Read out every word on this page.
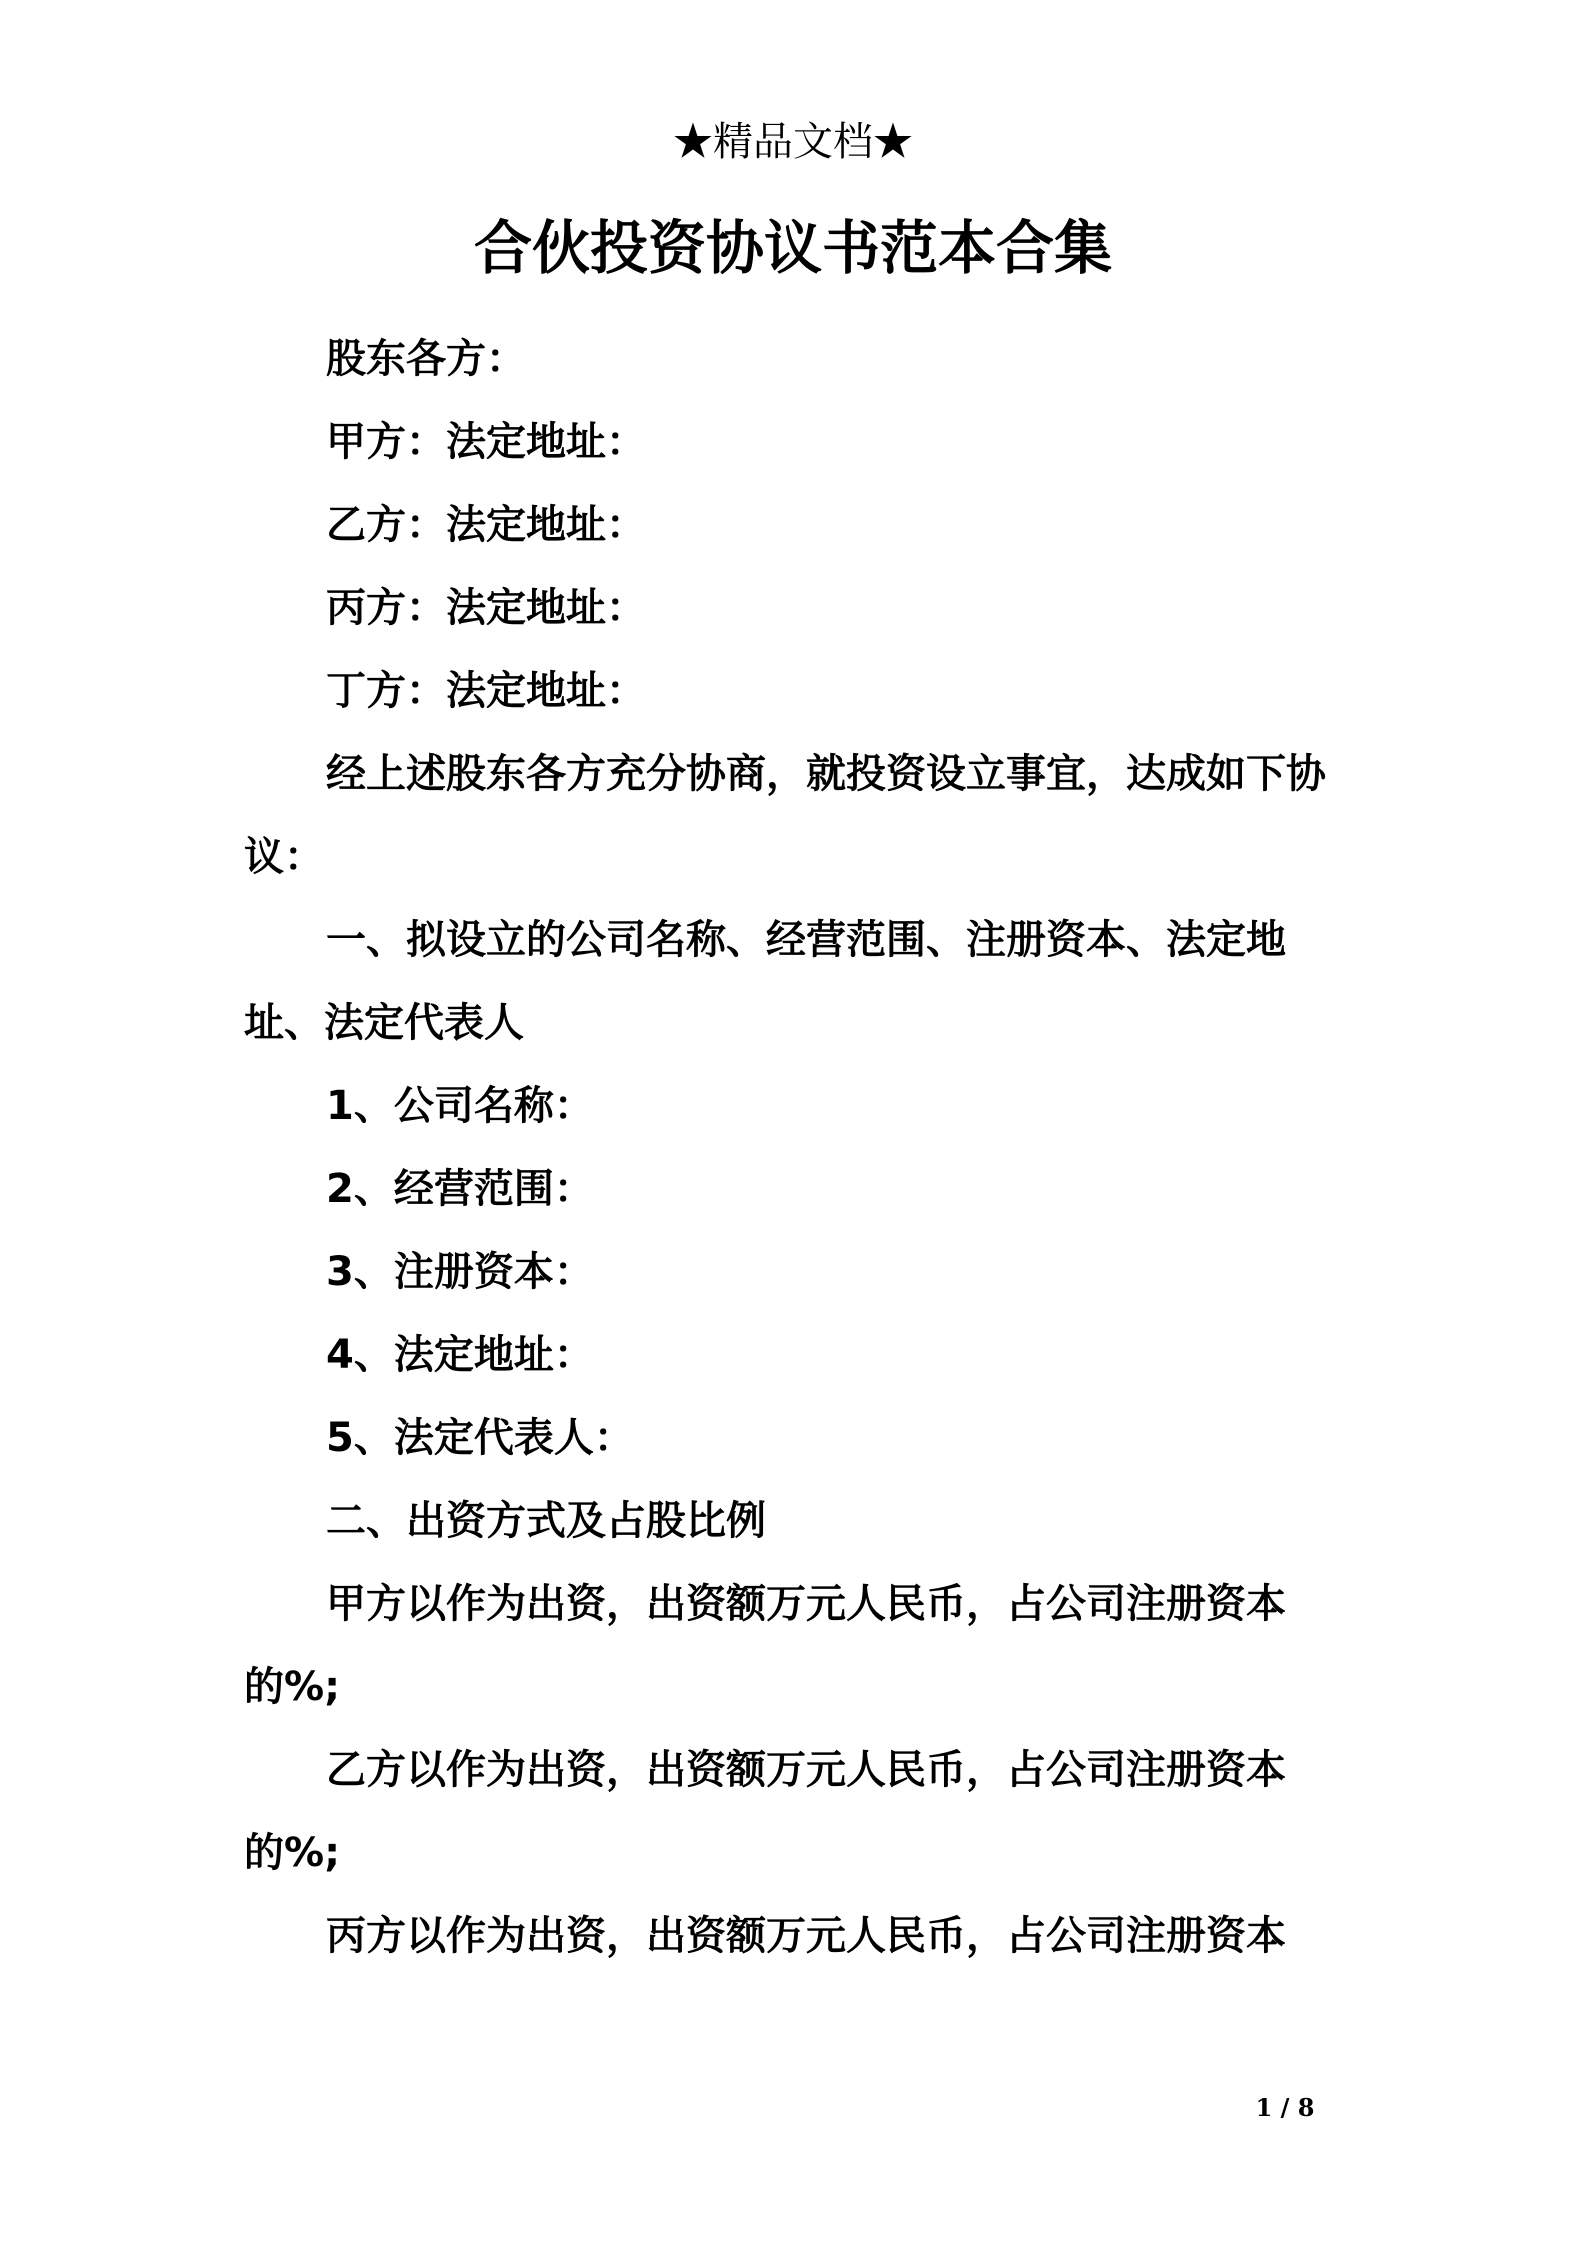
★精品文档★
合伙投资协议书范本合集

股东各方：

甲方：法定地址：

乙方：法定地址：

丙方：法定地址：

丁方：法定地址：

经上述股东各方充分协商，就投资设立事宜，达成如下协议：

一、拟设立的公司名称、经营范围、注册资本、法定地址、法定代表人

1、公司名称：

2、经营范围：

3、注册资本：

4、法定地址：

5、法定代表人：

二、出资方式及占股比例

甲方以作为出资，出资额万元人民币，占公司注册资本的%;

乙方以作为出资，出资额万元人民币，占公司注册资本的%;

丙方以作为出资，出资额万元人民币，占公司注册资本

1 / 8
